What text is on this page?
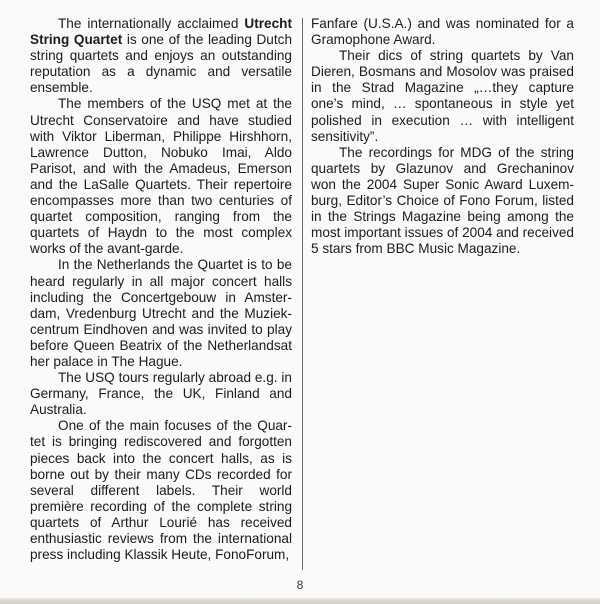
The internationally acclaimed Utrecht String Quartet is one of the leading Dutch string quartets and enjoys an outstanding reputation as a dynamic and versatile ensemble.

The members of the USQ met at the Utrecht Conservatoire and have studied with Viktor Liberman, Philippe Hirshhorn, Lawrence Dutton, Nobuko Imai, Aldo Parisot, and with the Amadeus, Emerson and the LaSalle Quartets. Their repertoire encompasses more than two centuries of quartet composition, ranging from the quartets of Haydn to the most complex works of the avant-garde.

In the Netherlands the Quartet is to be heard regularly in all major concert halls including the Concertgebouw in Amsterdam, Vredenburg Utrecht and the Muziekcentrum Eindhoven and was invited to play before Queen Beatrix of the Netherlandsat her palace in The Hague.

The USQ tours regularly abroad e.g. in Germany, France, the UK, Finland and Australia.

One of the main focuses of the Quartet is bringing rediscovered and forgotten pieces back into the concert halls, as is borne out by their many CDs recorded for several different labels. Their world première recording of the complete string quartets of Arthur Lourié has received enthusiastic reviews from the international press including Klassik Heute, FonoForum,

Fanfare (U.S.A.) and was nominated for a Gramophone Award.

Their dics of string quartets by Van Dieren, Bosmans and Mosolov was praised in the Strad Magazine „…they capture one’s mind, … spontaneous in style yet polished in execution … with intelligent sensitivity”.

The recordings for MDG of the string quartets by Glazunov and Grechaninov won the 2004 Super Sonic Award Luxemburg, Editor’s Choice of Fono Forum, listed in the Strings Magazine being among the most important issues of 2004 and received 5 stars from BBC Music Magazine.

8
